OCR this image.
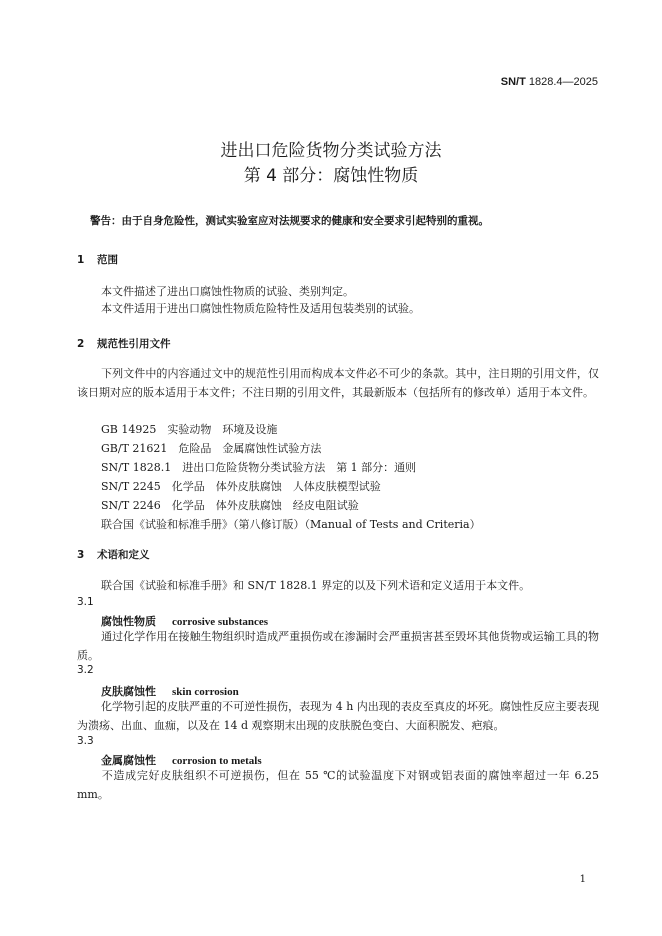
SN/T 1828.4—2025
进出口危险货物分类试验方法
第 4 部分：腐蚀性物质
警告：由于自身危险性，测试实验室应对法规要求的健康和安全要求引起特别的重视。
1 范围
本文件描述了进出口腐蚀性物质的试验、类别判定。
本文件适用于进出口腐蚀性物质危险特性及适用包装类别的试验。
2 规范性引用文件
下列文件中的内容通过文中的规范性引用而构成本文件必不可少的条款。其中，注日期的引用文件，仅该日期对应的版本适用于本文件；不注日期的引用文件，其最新版本（包括所有的修改单）适用于本文件。
GB 14925　实验动物　环境及设施
GB/T 21621　危险品　金属腐蚀性试验方法
SN/T 1828.1　进出口危险货物分类试验方法　第 1 部分：通则
SN/T 2245　化学品　体外皮肤腐蚀　人体皮肤模型试验
SN/T 2246　化学品　体外皮肤腐蚀　经皮电阻试验
联合国《试验和标准手册》（第八修订版）（Manual of Tests and Criteria）
3 术语和定义
联合国《试验和标准手册》和 SN/T 1828.1 界定的以及下列术语和定义适用于本文件。
3.1
腐蚀性物质 corrosive substances
通过化学作用在接触生物组织时造成严重损伤或在渗漏时会严重损害甚至毁坏其他货物或运输工具的物质。
3.2
皮肤腐蚀性 skin corrosion
化学物引起的皮肤严重的不可逆性损伤，表现为 4 h 内出现的表皮至真皮的坏死。腐蚀性反应主要表现为溃疡、出血、血痂，以及在 14 d 观察期末出现的皮肤脱色变白、大面积脱发、疤痕。
3.3
金属腐蚀性 corrosion to metals
不造成完好皮肤组织不可逆损伤，但在 55 ℃的试验温度下对钢或铝表面的腐蚀率超过一年 6.25 mm。
1
